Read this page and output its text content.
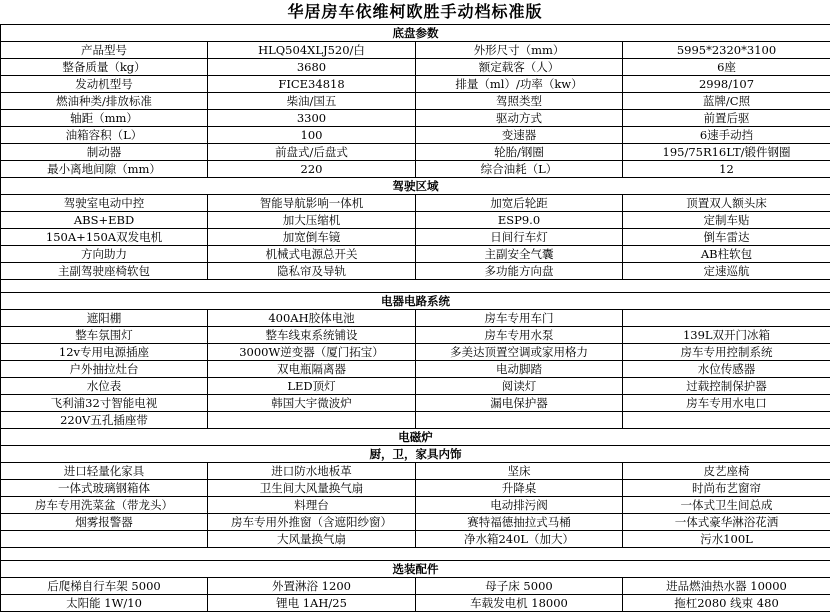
华居房车依维柯欧胜手动档标准版
底盘参数			
产品型号	HLQ504XLJ520/白	外形尺寸（mm）	5995*2320*3100
整备质量（kg）	3680	额定载客（人）	6座
发动机型号	FICE34818	排量（ml）/功率（kw）	2998/107
燃油种类/排放标准	柴油/国五	驾照类型	蓝牌/C照
轴距（mm）	3300	驱动方式	前置后驱
油箱容积（L）	100	变速器	6速手动挡
制动器	前盘式/后盘式	轮胎/钢圈	195/75R16LT/锻件钢圈
最小离地间隙（mm）	220	综合油耗（L）	12
驾驶区域			
驾驶室电动中控	智能导航影响一体机	加宽后轮距	顶置双人额头床
ABS+EBD	加大压缩机	ESP9.0	定制车贴
150A+150A双发电机	加宽倒车镜	日间行车灯	倒车雷达
方向助力	机械式电源总开关	主副安全气囊	AB柱软包
主副驾驶座椅软包	隐私帘及导轨	多功能方向盘	定速巡航

电器电路系统			
遮阳棚	400AH胶体电池	房车专用车门	
整车氛围灯	整车线束系统铺设	房车专用水泵	139L双开门冰箱
12v专用电源插座	3000W逆变器（厦门拓宝）	多美达顶置空调或家用格力	房车专用控制系统
户外抽拉灶台	双电瓶隔离器	电动脚踏	水位传感器
水位表	LED顶灯	阅读灯	过载控制保护器
飞利浦32寸智能电视	韩国大宇微波炉	漏电保护器	房车专用水电口
220V五孔插座带			
电磁炉			
厨，卫，家具内饰			
进口轻量化家具	进口防水地板革	坚床	皮艺座椅
一体式玻璃钢箱体	卫生间大风量换气扇	升降桌	时尚布艺窗帘
房车专用洗菜盆（带龙头）	料理台	电动排污阀	一体式卫生间总成
烟雾报警器	房车专用外推窗（含遮阳纱窗）	赛特福德抽拉式马桶	一体式豪华淋浴花洒
	大风量换气扇	净水箱240L（加大）	污水100L

选装配件			
后爬梯自行车架 5000	外置淋浴 1200	母子床 5000	进品燃油热水器 10000
太阳能 1W/10	锂电 1AH/25	车载发电机 18000	拖杠2080 线束 480
